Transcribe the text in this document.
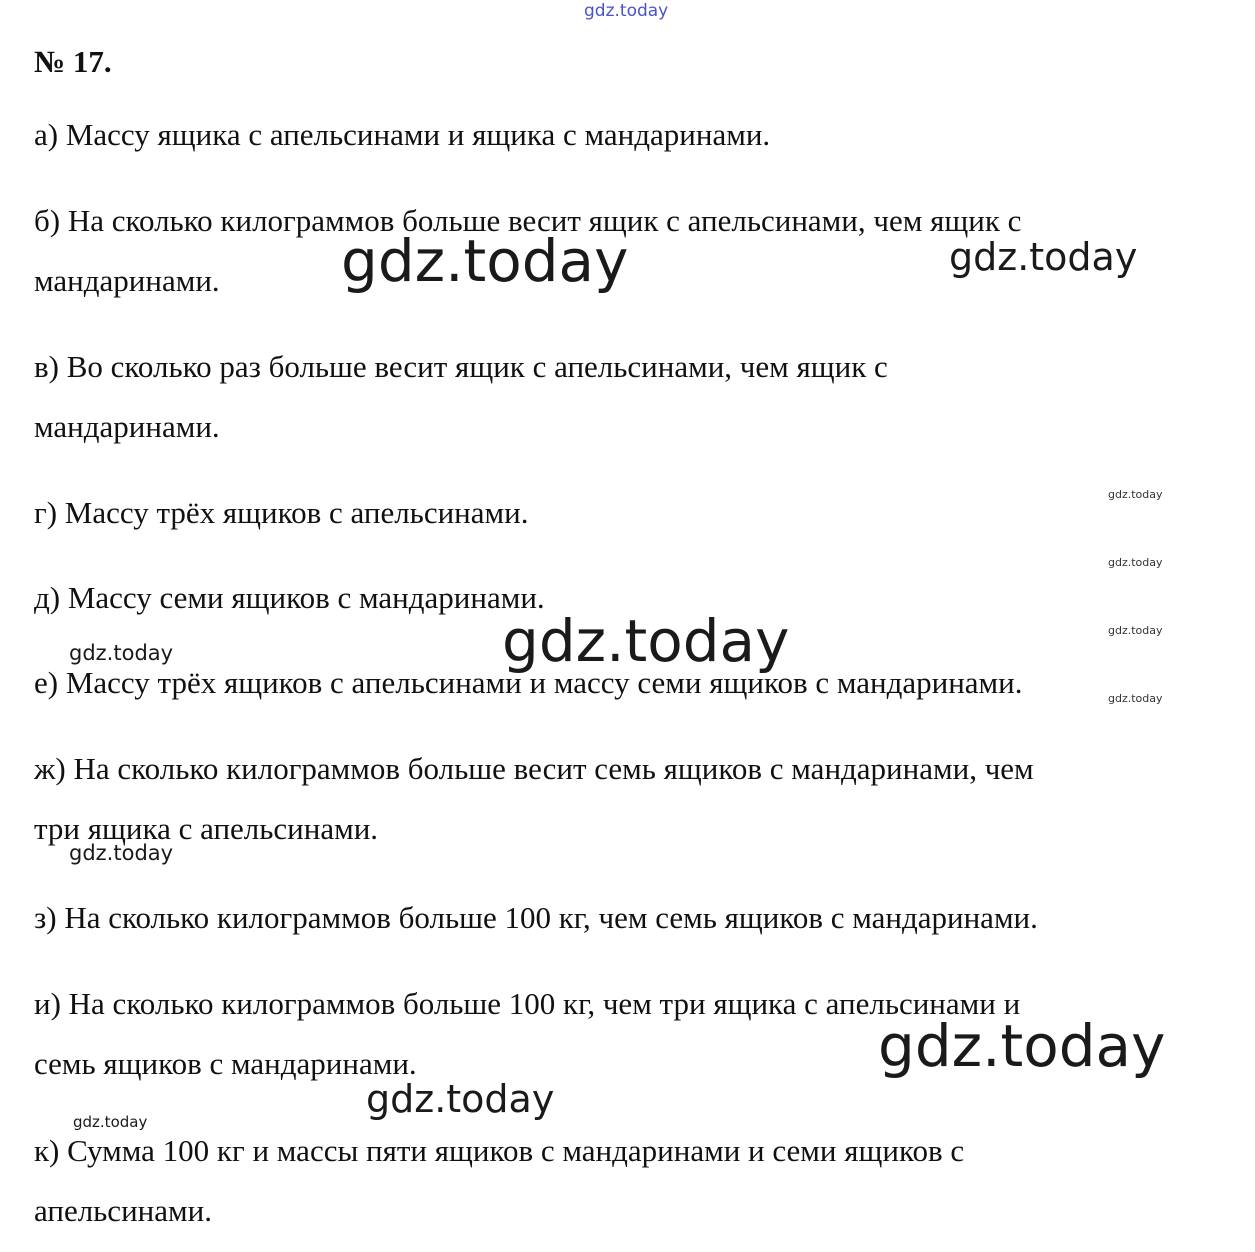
gdz.today
gdz.today	gdz.today
gdz.today
gdz.today
gdz.today
gdz.today
gdz.today
gdz.today
gdz.today
gdz.today
gdz.today
gdz.today
№ 17.
а) Массу ящика с апельсинами и ящика с мандаринами.
б) На сколько килограммов больше весит ящик с апельсинами, чем ящик с
мандаринами.
в) Во сколько раз больше весит ящик с апельсинами, чем ящик с
мандаринами.
г) Массу трёх ящиков с апельсинами.
д) Массу семи ящиков с мандаринами.
е) Массу трёх ящиков с апельсинами и массу семи ящиков с мандаринами.
ж) На сколько килограммов больше весит семь ящиков с мандаринами, чем
три ящика с апельсинами.
з) На сколько килограммов больше 100 кг, чем семь ящиков с мандаринами.
и) На сколько килограммов больше 100 кг, чем три ящика с апельсинами и
семь ящиков с мандаринами.
к) Сумма 100 кг и массы пяти ящиков с мандаринами и семи ящиков с
апельсинами.
